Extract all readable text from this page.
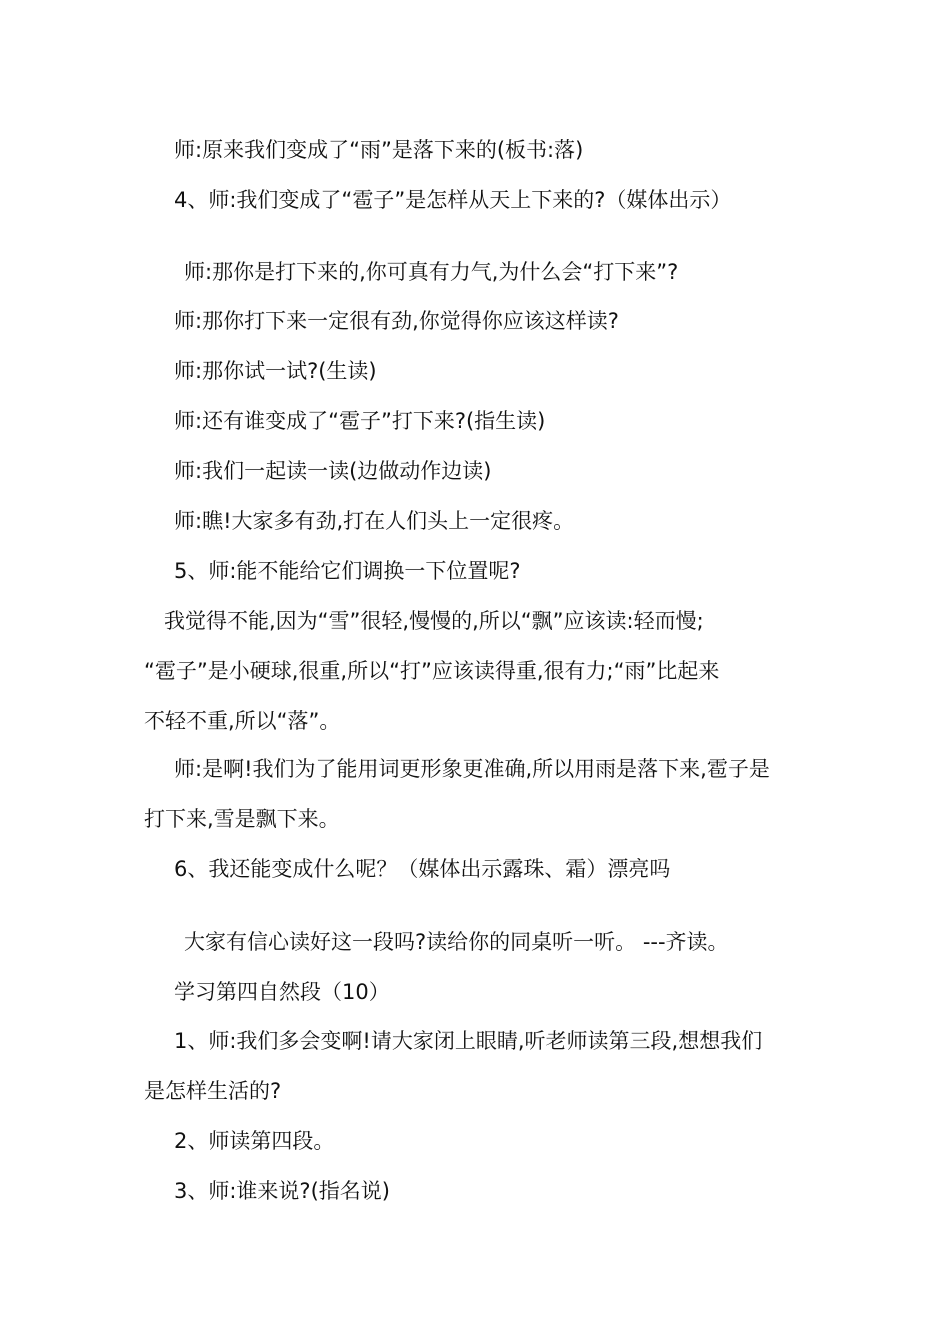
师:原来我们变成了“雨”是落下来的(板书:落)

4、师:我们变成了“雹子”是怎样从天上下来的?（媒体出示）

师:那你是打下来的,你可真有力气,为什么会“打下来”?

师:那你打下来一定很有劲,你觉得你应该这样读?

师:那你试一试?(生读)

师:还有谁变成了“雹子”打下来?(指生读)

师:我们一起读一读(边做动作边读)

师:瞧!大家多有劲,打在人们头上一定很疼。

5、师:能不能给它们调换一下位置呢?

我觉得不能,因为“雪”很轻,慢慢的,所以“飘”应该读:轻而慢;

“雹子”是小硬球,很重,所以“打”应该读得重,很有力;“雨”比起来

不轻不重,所以“落”。

师:是啊!我们为了能用词更形象更准确,所以用雨是落下来,雹子是

打下来,雪是飘下来。

6、我还能变成什么呢？（媒体出示露珠、霜）漂亮吗

大家有信心读好这一段吗?读给你的同桌听一听。 ---齐读。

学习第四自然段（10）

1、师:我们多会变啊!请大家闭上眼睛,听老师读第三段,想想我们

是怎样生活的?

2、师读第四段。

3、师:谁来说?(指名说)
